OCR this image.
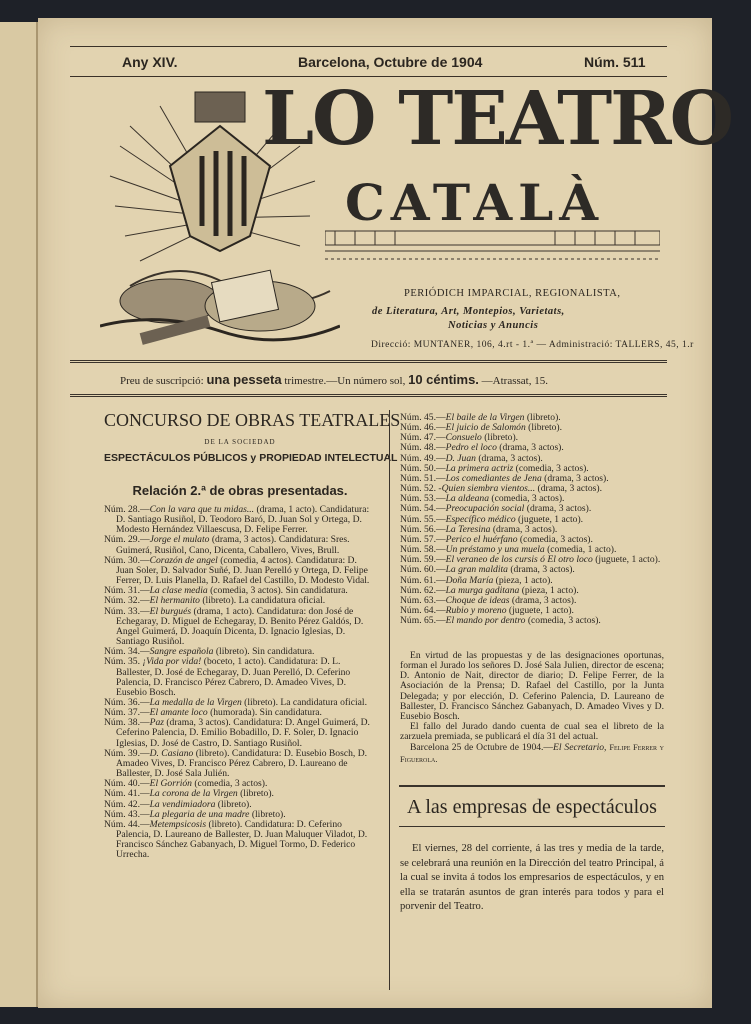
Any XIV.	Barcelona, Octubre de 1904	Núm. 511
LO TEATRO
CATALÀ
PERIÓDICH IMPARCIAL, REGIONALISTA,
de Literatura, Art, Montepios, Varietats,
Noticias y Anuncis
Direcció: MUNTANER, 106, 4.rt - 1.ª — Administració: TALLERS, 45, 1.r
Preu de suscripció: una pesseta trimestre.—Un número sol, 10 céntims. —Atrassat, 15.
CONCURSO DE OBRAS TEATRALES
DE LA SOCIEDAD
ESPECTÁCULOS PÚBLICOS y PROPIEDAD INTELECTUAL
Relación 2.ª de obras presentadas.

Núm. 28.—Con la vara que tu midas... (drama, 1 acto). Candidatura: D. Santiago Rusiñol, D. Teodoro Baró, D. Juan Sol y Ortega, D. Modesto Hernández Villaescusa, D. Felipe Ferrer.

Núm. 29.—Jorge el mulato (drama, 3 actos). Candidatura: Sres. Guimerá, Rusiñol, Cano, Dicenta, Caballero, Vives, Brull.

Núm. 30.—Corazón de angel (comedia, 4 actos). Candidatura: D. Juan Soler, D. Salvador Suñé, D. Juan Perelló y Ortega, D. Felipe Ferrer, D. Luis Planella, D. Rafael del Castillo, D. Modesto Vidal.

Núm. 31.—La clase media (comedia, 3 actos). Sin candidatura.

Núm. 32.—El hermanito (libreto). La candidatura oficial.

Núm. 33.—El burgués (drama, 1 acto). Candidatura: don José de Echegaray, D. Miguel de Echegaray, D. Benito Pérez Galdós, D. Angel Guimerá, D. Joaquín Dicenta, D. Ignacio Iglesias, D. Santiago Rusiñol.

Núm. 34.—Sangre española (libreto). Sin candidatura.

Núm. 35. ¡Vida por vida! (boceto, 1 acto). Candidatura: D. L. Ballester, D. José de Echegaray, D. Juan Perelló, D. Ceferino Palencia, D. Francisco Pérez Cabrero, D. Amadeo Vives, D. Eusebio Bosch.

Núm. 36.—La medalla de la Virgen (libreto). La candidatura oficial.

Núm. 37.—El amante loco (humorada). Sin candidatura.

Núm. 38.—Paz (drama, 3 actos). Candidatura: D. Angel Guimerá, D. Ceferino Palencia, D. Emilio Bobadillo, D. F. Soler, D. Ignacio Iglesias, D. José de Castro, D. Santiago Rusiñol.

Núm. 39.—D. Casiano (libreto). Candidatura: D. Eusebio Bosch, D. Amadeo Vives, D. Francisco Pérez Cabrero, D. Laureano de Ballester, D. José Sala Julién.

Núm. 40.—El Gorrión (comedia, 3 actos).

Núm. 41.—La corona de la Virgen (libreto).

Núm. 42.—La vendimiadora (libreto).

Núm. 43.—La plegaria de una madre (libreto).

Núm. 44.—Metempsicosis (libreto). Candidatura: D. Ceferino Palencia, D. Laureano de Ballester, D. Juan Maluquer Viladot, D. Francisco Sánchez Gabanyach, D. Miguel Tormo, D. Federico Urrecha.

Núm. 45.—El baile de la Virgen (libreto).

Núm. 46.—El juicio de Salomón (libreto).

Núm. 47.—Consuelo (libreto).

Núm. 48.—Pedro el loco (drama, 3 actos).

Núm. 49.—D. Juan (drama, 3 actos).

Núm. 50.—La primera actriz (comedia, 3 actos).

Núm. 51.—Los comediantes de Jena (drama, 3 actos).

Núm. 52. -Quien siembra vientos... (drama, 3 actos).

Núm. 53.—La aldeana (comedia, 3 actos).

Núm. 54.—Preocupación social (drama, 3 actos).

Núm. 55.—Específico médico (juguete, 1 acto).

Núm. 56.—La Teresina (drama, 3 actos).

Núm. 57.—Perico el huérfano (comedia, 3 actos).

Núm. 58.—Un préstamo y una muela (comedia, 1 acto).

Núm. 59.—El veraneo de los cursis ó El otro loco (juguete, 1 acto).

Núm. 60.—La gran maldita (drama, 3 actos).

Núm. 61.—Doña María (pieza, 1 acto).

Núm. 62.—La murga gaditana (pieza, 1 acto).

Núm. 63.—Choque de ideas (drama, 3 actos).

Núm. 64.—Rubio y moreno (juguete, 1 acto).

Núm. 65.—El mando por dentro (comedia, 3 actos).

En virtud de las propuestas y de las designaciones oportunas, forman el Jurado los señores D. José Sala Julien, director de escena; D. Antonio de Nait, director de diario; D. Felipe Ferrer, de la Asociación de la Prensa; D. Rafael del Castillo, por la Junta Delegada; y por elección, D. Ceferino Palencia, D. Laureano de Ballester, D. Francisco Sánchez Gabanyach, D. Amadeo Vives y D. Eusebio Bosch.

El fallo del Jurado dando cuenta de cual sea el libreto de la zarzuela premiada, se publicará el día 31 del actual.

Barcelona 25 de Octubre de 1904.—El Secretario, Felipe Ferrer y Figuerola.

A las empresas de espectáculos

El viernes, 28 del corriente, á las tres y media de la tarde, se celebrará una reunión en la Dirección del teatro Principal, á la cual se invita á todos los empresarios de espectáculos, y en ella se tratarán asuntos de gran interés para todos y para el porvenir del Teatro.
